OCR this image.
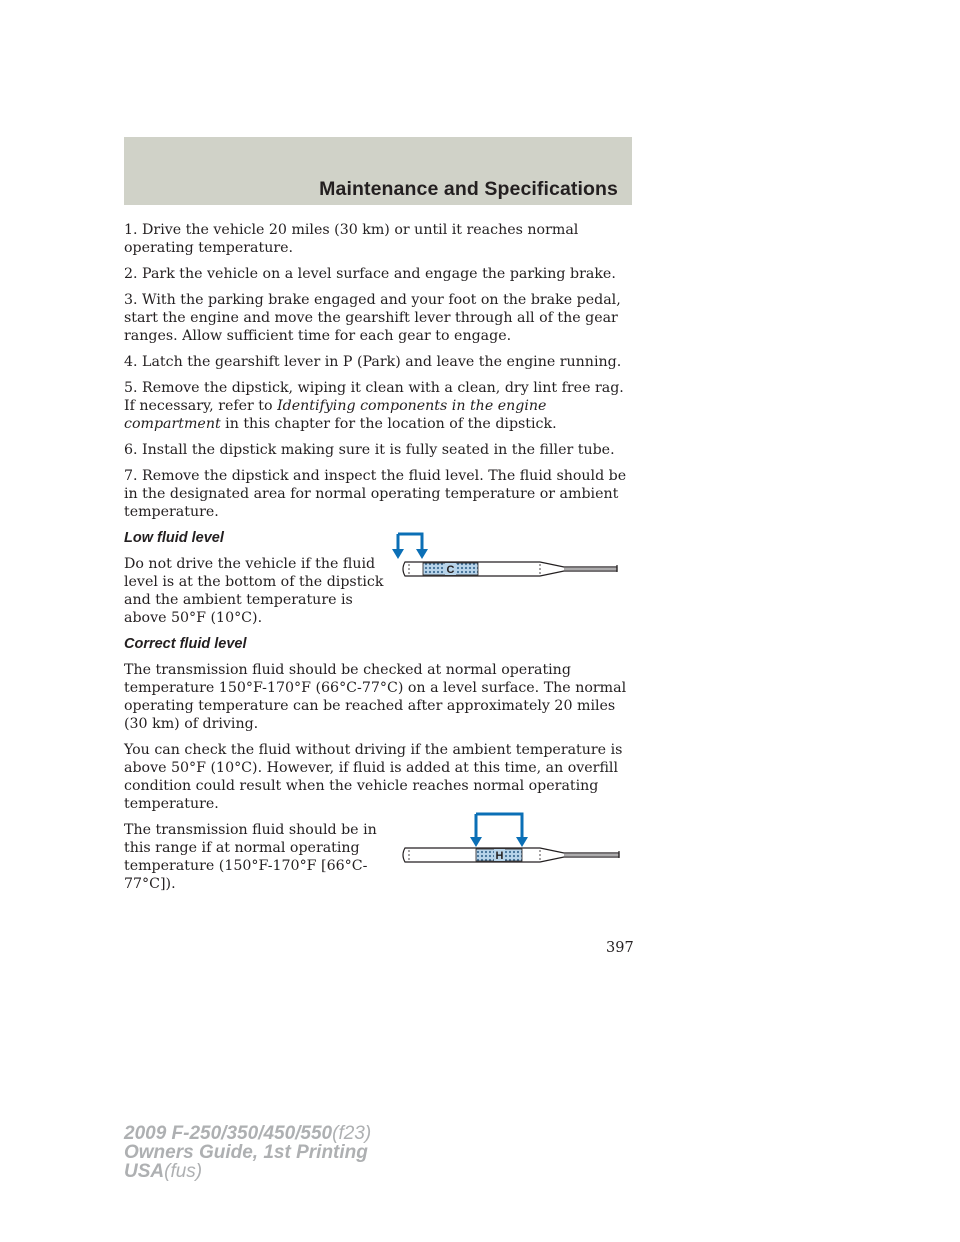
Maintenance and Specifications

1. Drive the vehicle 20 miles (30 km) or until it reaches normal operating temperature.

2. Park the vehicle on a level surface and engage the parking brake.

3. With the parking brake engaged and your foot on the brake pedal, start the engine and move the gearshift lever through all of the gear ranges. Allow sufficient time for each gear to engage.

4. Latch the gearshift lever in P (Park) and leave the engine running.

5. Remove the dipstick, wiping it clean with a clean, dry lint free rag. If necessary, refer to Identifying components in the engine compartment in this chapter for the location of the dipstick.

6. Install the dipstick making sure it is fully seated in the filler tube.

7. Remove the dipstick and inspect the fluid level. The fluid should be in the designated area for normal operating temperature or ambient temperature.

Low fluid level

Do not drive the vehicle if the fluid level is at the bottom of the dipstick and the ambient temperature is above 50°F (10°C).

C
Correct fluid level

The transmission fluid should be checked at normal operating temperature 150°F-170°F (66°C-77°C) on a level surface. The normal operating temperature can be reached after approximately 20 miles (30 km) of driving.

You can check the fluid without driving if the ambient temperature is above 50°F (10°C). However, if fluid is added at this time, an overfill condition could result when the vehicle reaches normal operating temperature.

The transmission fluid should be in this range if at normal operating temperature (150°F-170°F [66°C-77°C]).

H
397
2009 F-250/350/450/550(f23)
Owners Guide, 1st Printing
USA(fus)
